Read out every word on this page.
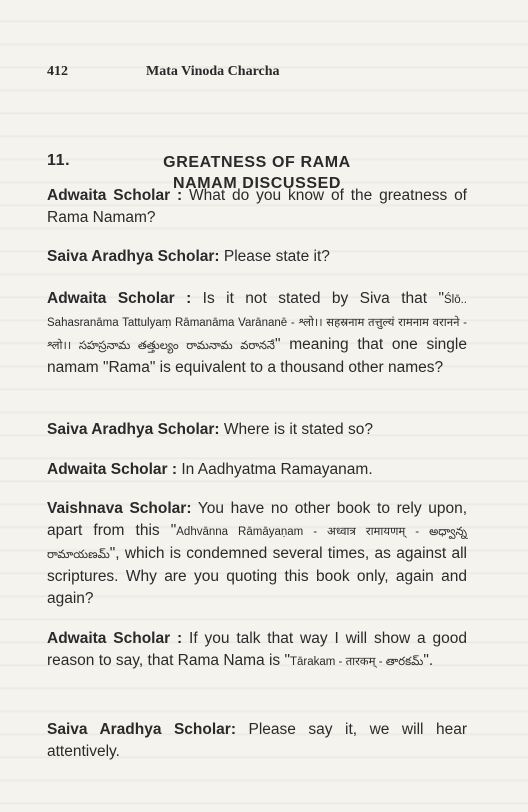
412	Mata Vinoda Charcha
11.	GREATNESS OF RAMA NAMAM DISCUSSED
Adwaita Scholar : What do you know of the greatness of Rama Namam?
Saiva Aradhya Scholar: Please state it?
Adwaita Scholar : Is it not stated by Siva that "Ślō.. Sahasranāma Tattulyaṃ Rāmanāma Varānanē - श्लो।। सहस्रनाम तत्तुल्यं रामनाम वरानने - श्लो।। సహస్రనామ తత్తుల్యం రామనామ వరాననే" meaning that one single namam "Rama" is equivalent to a thousand other names?
Saiva Aradhya Scholar: Where is it stated so?
Adwaita Scholar : In Aadhyatma Ramayanam.
Vaishnava Scholar: You have no other book to rely upon, apart from this "Adhvānna Rāmāyaṇam - अध्वात्र रामायणम् - అధ్వాన్న రామాయణమ్", which is condemned several times, as against all scriptures. Why are you quoting this book only, again and again?
Adwaita Scholar : If you talk that way I will show a good reason to say, that Rama Nama is "Tārakam - तारकम् - తారకమ్".
Saiva Aradhya Scholar: Please say it, we will hear attentively.
